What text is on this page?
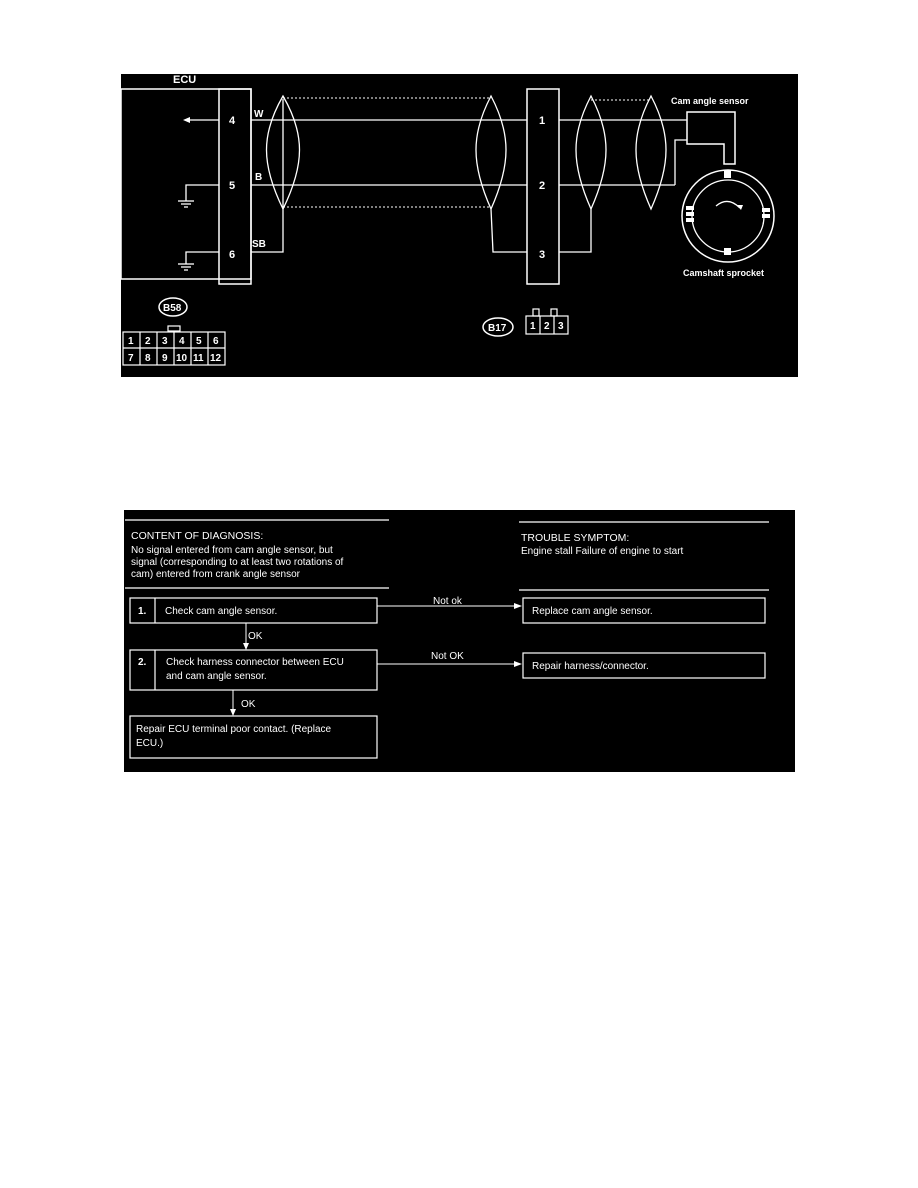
ECU
4
5
6
W
B
SB
1
2
3
Cam angle sensor
Camshaft sprocket
B58
1 2 3 4 5 6
7 8 9 10 11 12
B17 1 2 3
CONTENT OF DIAGNOSIS:
No signal entered from cam angle sensor, but
signal (corresponding to at least two rotations of
cam) entered from crank angle sensor
TROUBLE SYMPTOM:
Engine stall Failure of engine to start
1. Check cam angle sensor.
Not ok
Replace cam angle sensor.
OK
2. Check harness connector between ECU
and cam angle sensor.
Not OK
Repair harness/connector.
OK
Repair ECU terminal poor contact. (Replace
ECU.)
